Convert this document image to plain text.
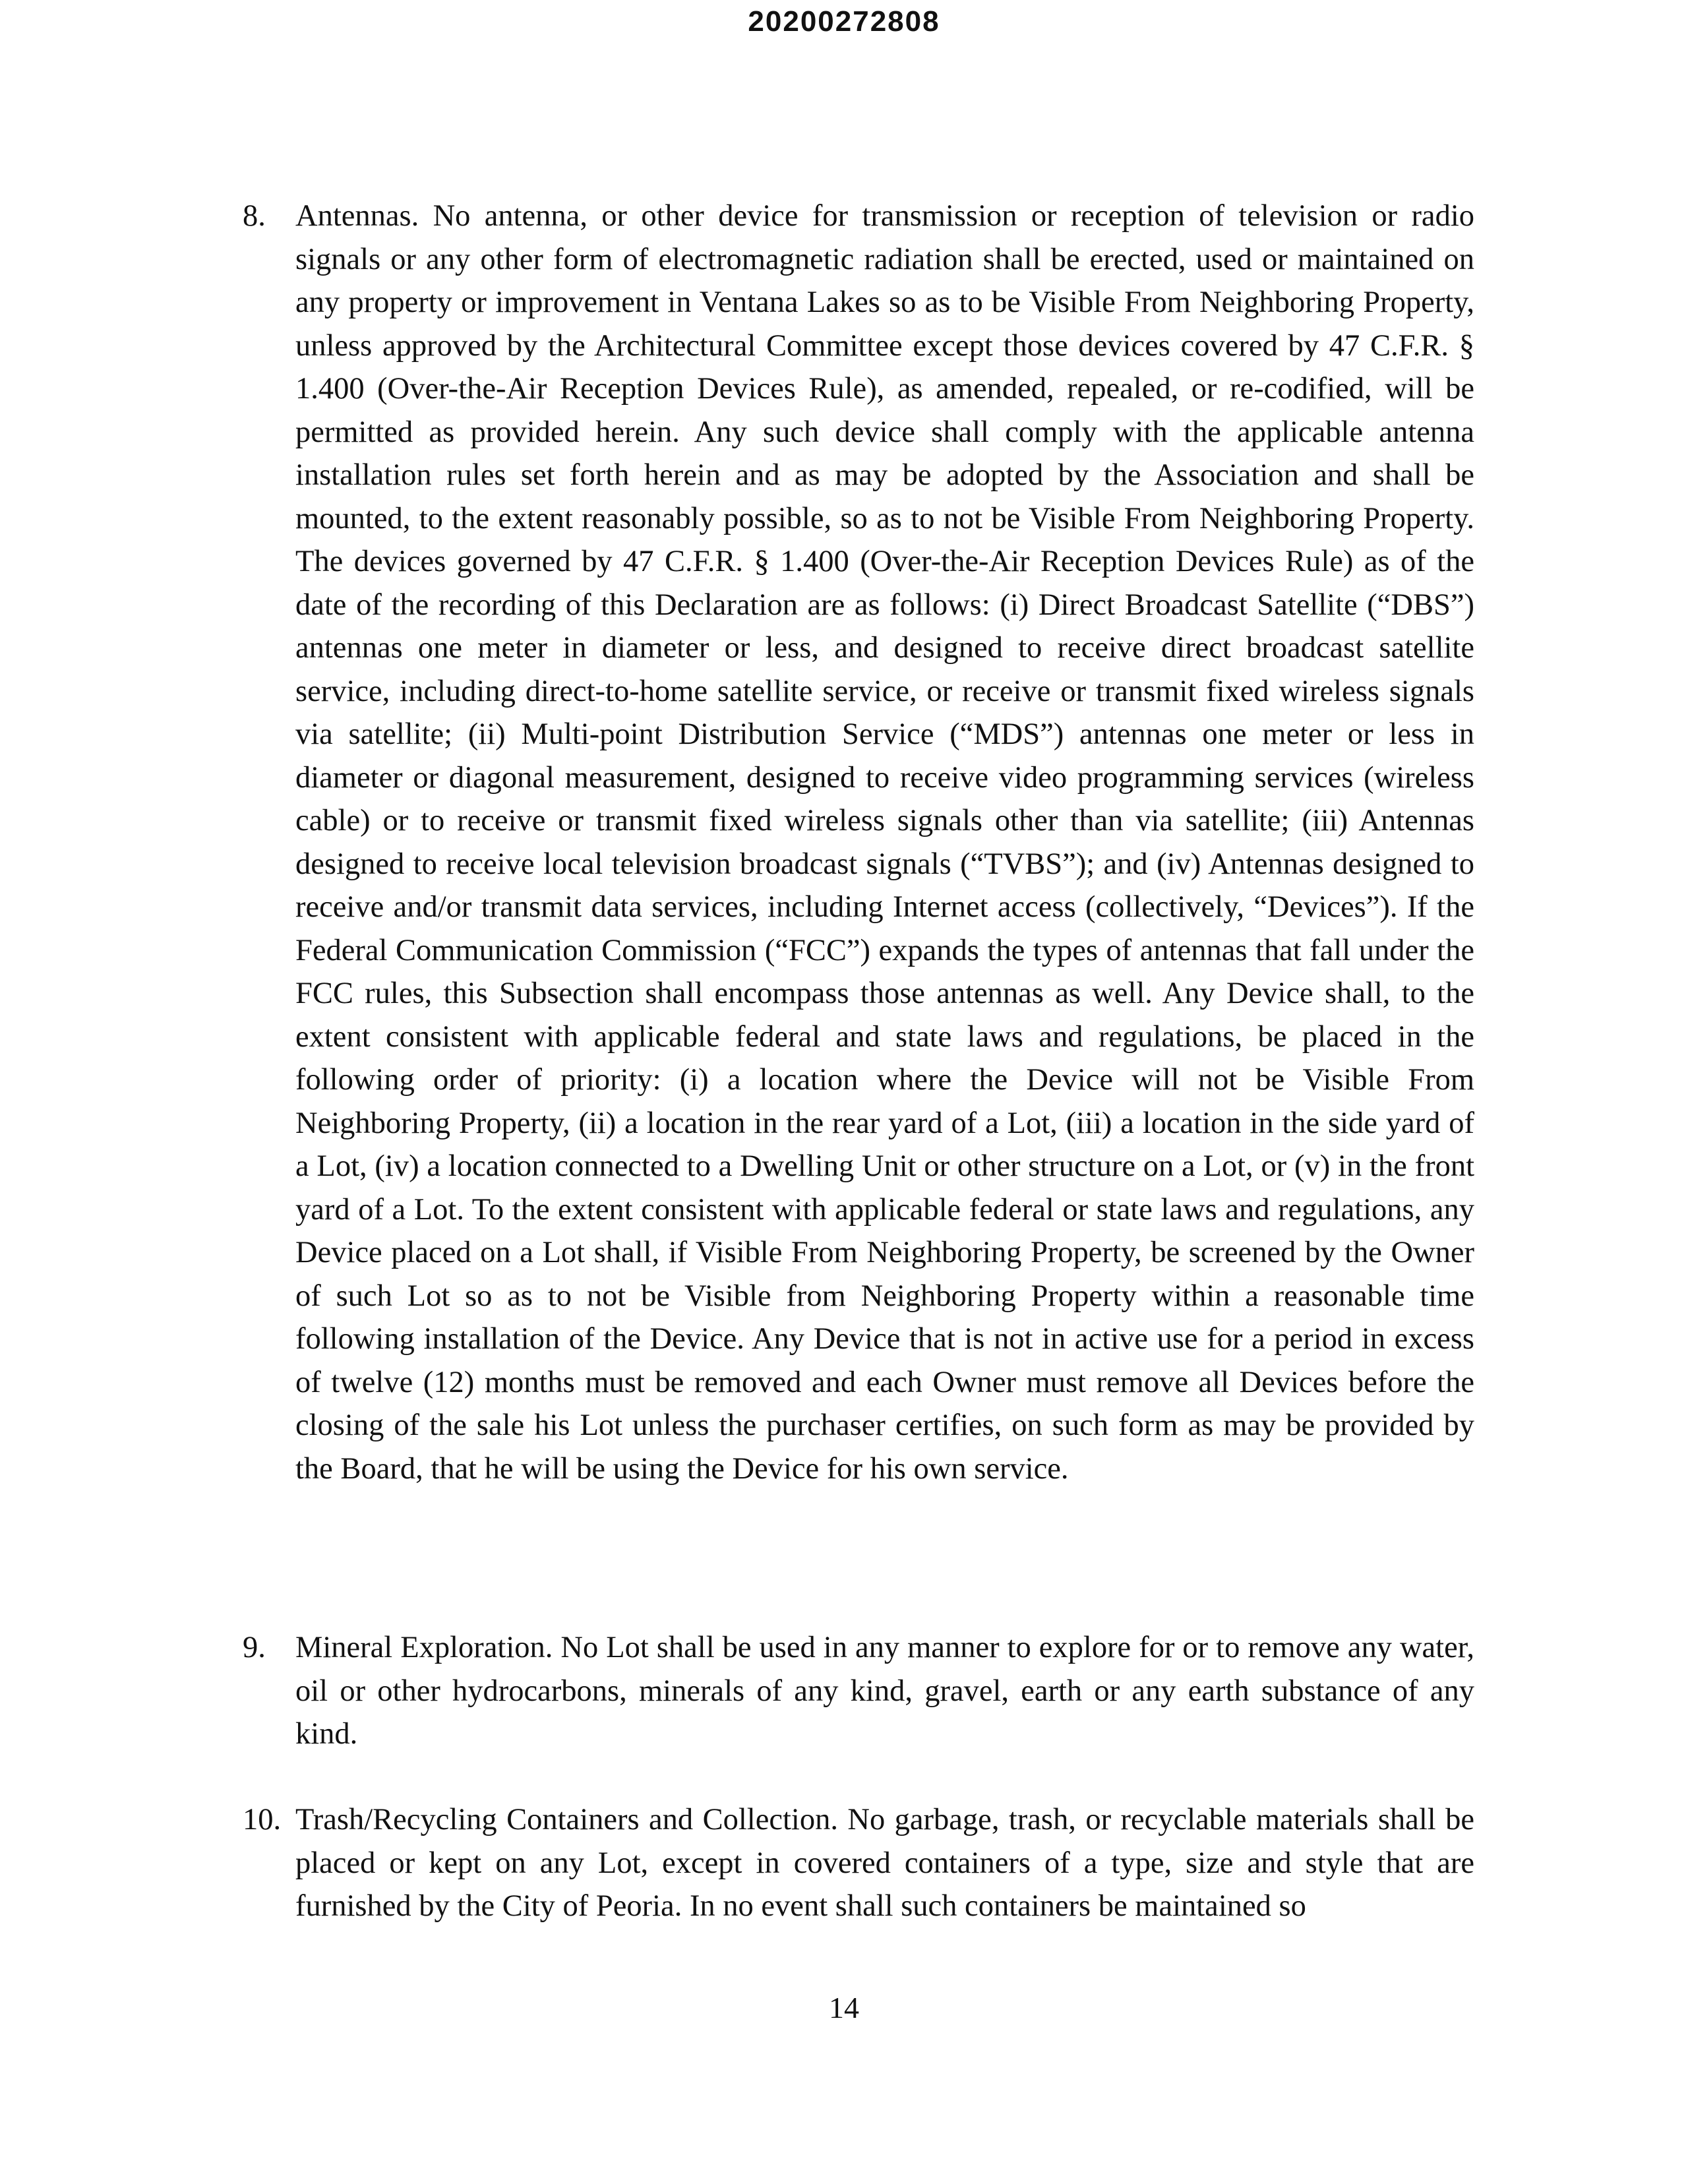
20200272808
8. Antennas. No antenna, or other device for transmission or reception of television or radio signals or any other form of electromagnetic radiation shall be erected, used or maintained on any property or improvement in Ventana Lakes so as to be Visible From Neighboring Property, unless approved by the Architectural Committee except those devices covered by 47 C.F.R. § 1.400 (Over-the-Air Reception Devices Rule), as amended, repealed, or re-codified, will be permitted as provided herein. Any such device shall comply with the applicable antenna installation rules set forth herein and as may be adopted by the Association and shall be mounted, to the extent reasonably possible, so as to not be Visible From Neighboring Property. The devices governed by 47 C.F.R. § 1.400 (Over-the-Air Reception Devices Rule) as of the date of the recording of this Declaration are as follows: (i) Direct Broadcast Satellite (“DBS”) antennas one meter in diameter or less, and designed to receive direct broadcast satellite service, including direct-to-home satellite service, or receive or transmit fixed wireless signals via satellite; (ii) Multi-point Distribution Service (“MDS”) antennas one meter or less in diameter or diagonal measurement, designed to receive video programming services (wireless cable) or to receive or transmit fixed wireless signals other than via satellite; (iii) Antennas designed to receive local television broadcast signals (“TVBS”); and (iv) Antennas designed to receive and/or transmit data services, including Internet access (collectively, “Devices”). If the Federal Communication Commission (“FCC”) expands the types of antennas that fall under the FCC rules, this Subsection shall encompass those antennas as well. Any Device shall, to the extent consistent with applicable federal and state laws and regulations, be placed in the following order of priority: (i) a location where the Device will not be Visible From Neighboring Property, (ii) a location in the rear yard of a Lot, (iii) a location in the side yard of a Lot, (iv) a location connected to a Dwelling Unit or other structure on a Lot, or (v) in the front yard of a Lot. To the extent consistent with applicable federal or state laws and regulations, any Device placed on a Lot shall, if Visible From Neighboring Property, be screened by the Owner of such Lot so as to not be Visible from Neighboring Property within a reasonable time following installation of the Device. Any Device that is not in active use for a period in excess of twelve (12) months must be removed and each Owner must remove all Devices before the closing of the sale his Lot unless the purchaser certifies, on such form as may be provided by the Board, that he will be using the Device for his own service.
9. Mineral Exploration. No Lot shall be used in any manner to explore for or to remove any water, oil or other hydrocarbons, minerals of any kind, gravel, earth or any earth substance of any kind.
10. Trash/Recycling Containers and Collection. No garbage, trash, or recyclable materials shall be placed or kept on any Lot, except in covered containers of a type, size and style that are furnished by the City of Peoria. In no event shall such containers be maintained so
14
